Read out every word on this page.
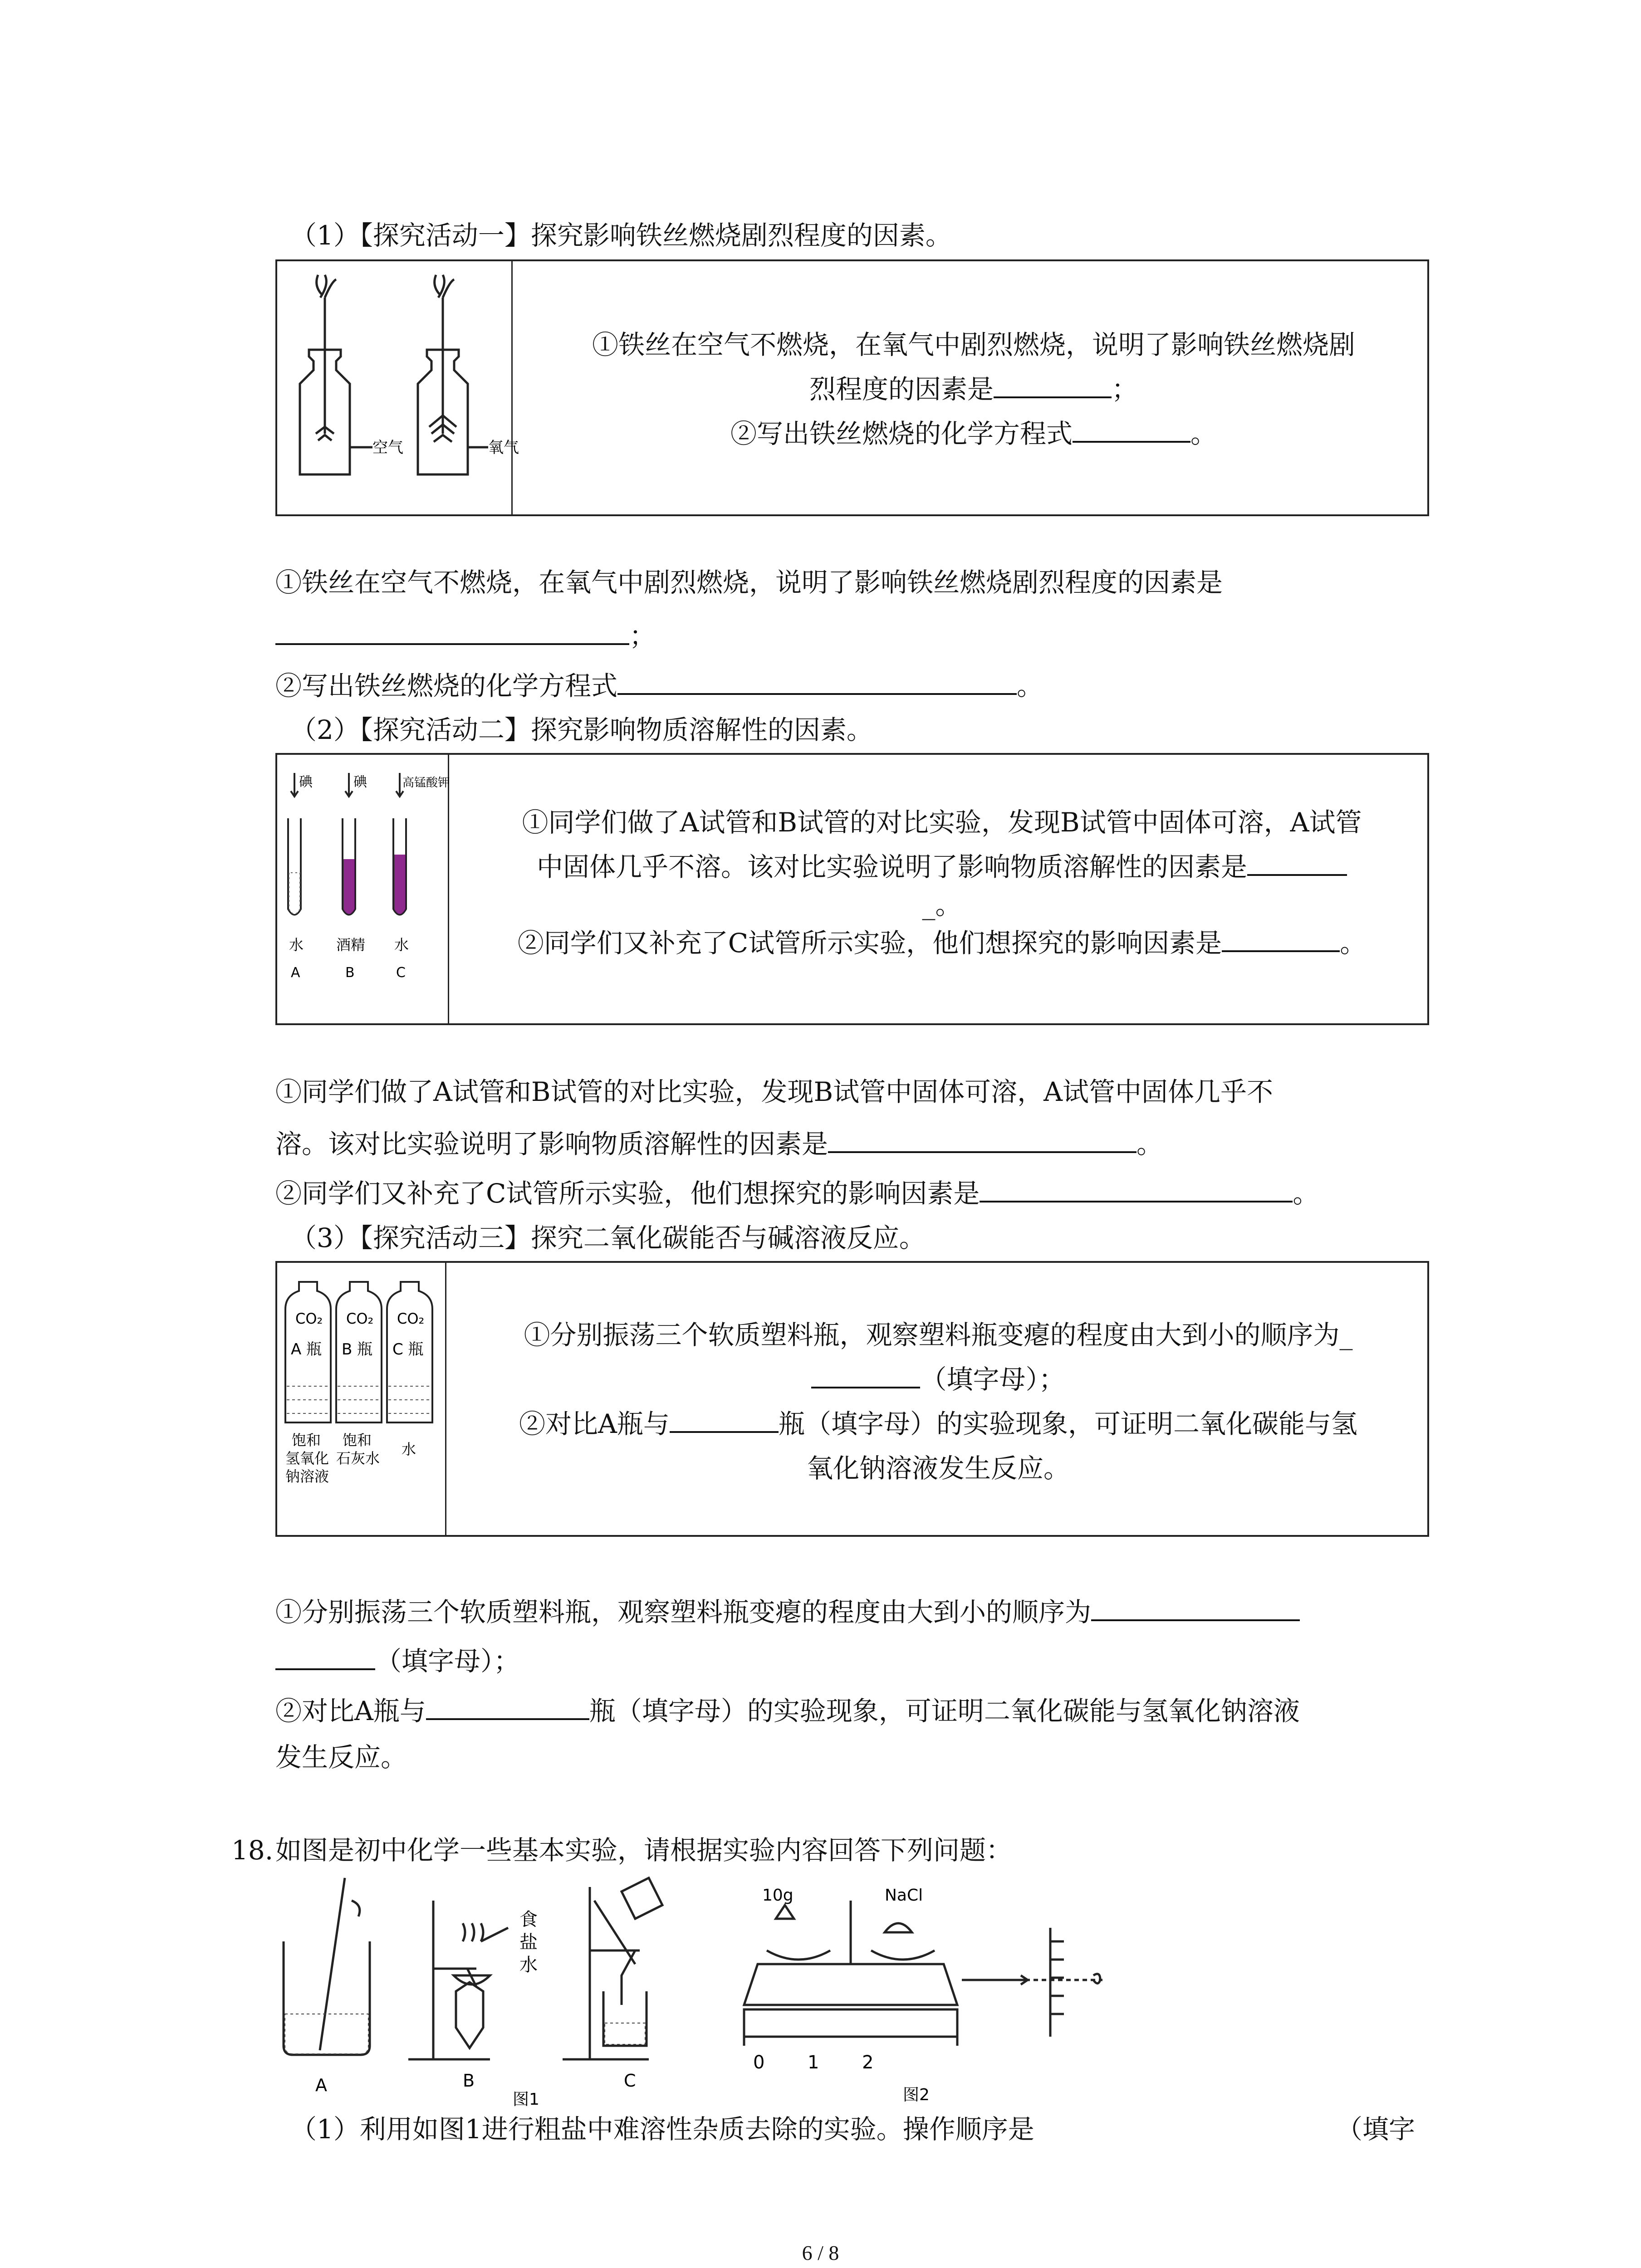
（1）【探究活动一】探究影响铁丝燃烧剧烈程度的因素。
空气	氧气
①铁丝在空气不燃烧，在氧气中剧烈燃烧，说明了影响铁丝燃烧剧
烈程度的因素是	；
②写出铁丝燃烧的化学方程式	。
①铁丝在空气不燃烧，在氧气中剧烈燃烧，说明了影响铁丝燃烧剧烈程度的因素是
；
②写出铁丝燃烧的化学方程式	。
（2）【探究活动二】探究影响物质溶解性的因素。
碘	碘	高锰酸钾
水 酒精 水
A	B	C
①同学们做了A试管和B试管的对比实验，发现B试管中固体可溶，A试管
中固体几乎不溶。该对比实验说明了影响物质溶解性的因素是
_。
②同学们又补充了C试管所示实验，他们想探究的影响因素是	。
①同学们做了A试管和B试管的对比实验，发现B试管中固体可溶，A试管中固体几乎不
溶。该对比实验说明了影响物质溶解性的因素是	。
②同学们又补充了C试管所示实验，他们想探究的影响因素是	。
（3）【探究活动三】探究二氧化碳能否与碱溶液反应。
CO₂ CO₂ CO₂
A 瓶 B 瓶 C 瓶
饱和
氢氧化
钠溶液
饱和
石灰水
水
①分别振荡三个软质塑料瓶，观察塑料瓶变瘪的程度由大到小的顺序为_
（填字母）；
②对比A瓶与	瓶（填字母）的实验现象，可证明二氧化碳能与氢
氧化钠溶液发生反应。
①分别振荡三个软质塑料瓶，观察塑料瓶变瘪的程度由大到小的顺序为
（填字母）；
②对比A瓶与	瓶（填字母）的实验现象，可证明二氧化碳能与氢氧化钠溶液
发生反应。
18. 如图是初中化学一些基本实验，请根据实验内容回答下列问题：
A	B	C
食
盐
水
图1
10g	NaCl
0 1 2
图2
（1）利用如图1进行粗盐中难溶性杂质去除的实验。操作顺序是	（填字
6 / 8
